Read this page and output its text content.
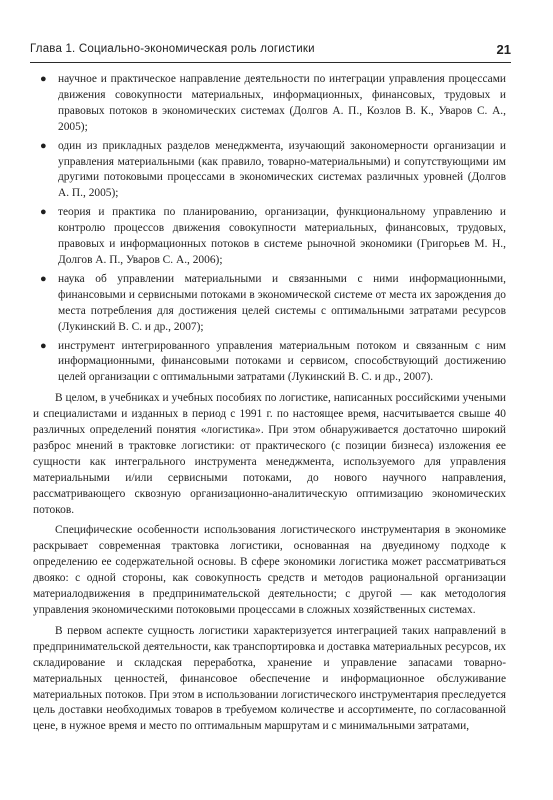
Глава 1. Социально-экономическая роль логистики	21
● научное и практическое направление деятельности по интеграции управления процессами движения совокупности материальных, информационных, финансовых, трудовых и правовых потоков в экономических системах (Долгов А. П., Козлов В. К., Уваров С. А., 2005);
● один из прикладных разделов менеджмента, изучающий закономерности организации и управления материальными (как правило, товарно-материальными) и сопутствующими им другими потоковыми процессами в экономических системах различных уровней (Долгов А. П., 2005);
● теория и практика по планированию, организации, функциональному управлению и контролю процессов движения совокупности материальных, финансовых, трудовых, правовых и информационных потоков в системе рыночной экономики (Григорьев М. Н., Долгов А. П., Уваров С. А., 2006);
● наука об управлении материальными и связанными с ними информационными, финансовыми и сервисными потоками в экономической системе от места их зарождения до места потребления для достижения целей системы с оптимальными затратами ресурсов (Лукинский В. С. и др., 2007);
● инструмент интегрированного управления материальным потоком и связанным с ним информационными, финансовыми потоками и сервисом, способствующий достижению целей организации с оптимальными затратами (Лукинский В. С. и др., 2007).

В целом, в учебниках и учебных пособиях по логистике, написанных российскими учеными и специалистами и изданных в период с 1991 г. по настоящее время, насчитывается свыше 40 различных определений понятия «логистика». При этом обнаруживается достаточно широкий разброс мнений в трактовке логистики: от практического (с позиции бизнеса) изложения ее сущности как интегрального инструмента менеджмента, используемого для управления материальными и/или сервисными потоками, до нового научного направления, рассматривающего сквозную организационно-аналитическую оптимизацию экономических потоков.

Специфические особенности использования логистического инструментария в экономике раскрывает современная трактовка логистики, основанная на двуединому подходе к определению ее содержательной основы. В сфере экономики логистика может рассматриваться двояко: с одной стороны, как совокупность средств и методов рациональной организации материалодвижения в предпринимательской деятельности; с другой — как методология управления экономическими потоковыми процессами в сложных хозяйственных системах.

В первом аспекте сущность логистики характеризуется интеграцией таких направлений в предпринимательской деятельности, как транспортировка и доставка материальных ресурсов, их складирование и складская переработка, хранение и управление запасами товарно-материальных ценностей, финансовое обеспечение и информационное обслуживание материальных потоков. При этом в использовании логистического инструментария преследуется цель доставки необходимых товаров в требуемом количестве и ассортименте, по согласованной цене, в нужное время и место по оптимальным маршрутам и с минимальными затратами,
